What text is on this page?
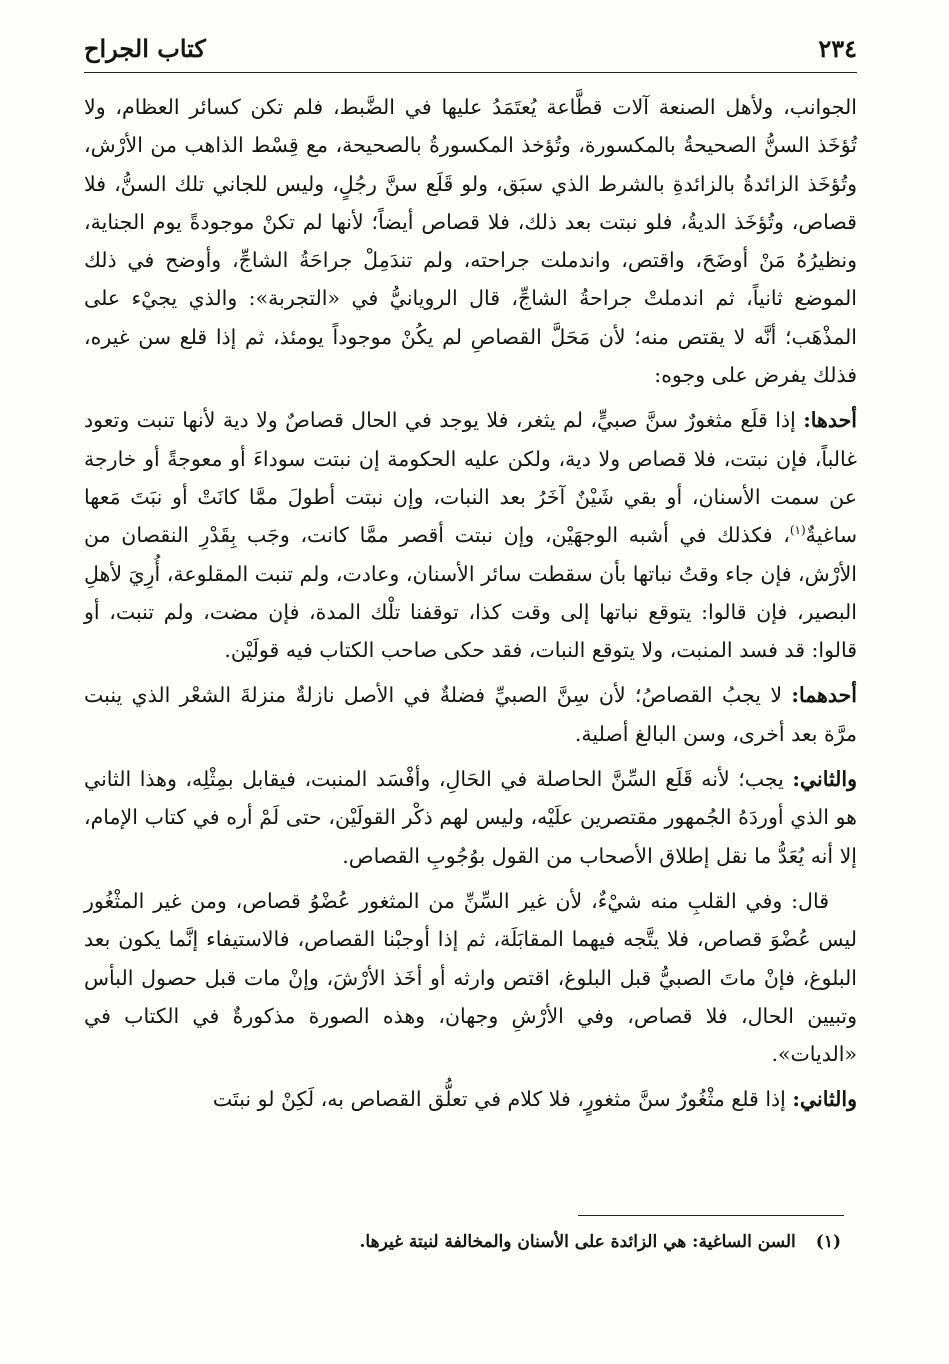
٢٣٤
كتاب الجراح

الجوانب، ولأهل الصنعة آلات قطَّاعة يُعتَمَدُ عليها في الضَّبط، فلم تكن كسائر العظام، ولا تُؤخَذ السنُّ الصحيحةُ بالمكسورة، وتُؤخذ المكسورةُ بالصحيحة، مع قِسْط الذاهب من الأرْش، وتُؤخَذ الزائدةُ بالزائدةِ بالشرط الذي سبَق، ولو قَلَع سنَّ رجُلٍ، وليس للجاني تلك السنُّ، فلا قصاص، وتُؤخَذ الديةُ، فلو نبتت بعد ذلك، فلا قصاص أيضاً؛ لأنها لم تكنْ موجودةً يوم الجناية، ونظيرُهُ مَنْ أوضَحَ، واقتص، واندملت جراحته، ولم تندَمِلْ جراحَةُ الشاجِّ، وأوضح في ذلك الموضع ثانياً، ثم اندملتْ جراحةُ الشاجِّ، قال الرويانيُّ في «التجربة»: والذي يجيْء على المذْهَب؛ أنَّه لا يقتص منه؛ لأن مَحَلَّ القصاصِ لم يكُنْ موجوداً يومئذ، ثم إذا قلع سن غيره، فذلك يفرض على وجوه:

أحدها: إذا قلَع مثغورٌ سنَّ صبيٍّ، لم يثغر، فلا يوجد في الحال قصاصٌ ولا دية لأنها تنبت وتعود غالباً، فإن نبتت، فلا قصاص ولا دية، ولكن عليه الحكومة إن نبتت سوداءَ أو معوجةً أو خارجة عن سمت الأسنان، أو بقي شَيْنٌ آخَرُ بعد النبات، وإن نبتت أطولَ ممَّا كانَتْ أو نبَتَ مَعها ساغيةٌ$^{(١)}$، فكذلك في أشبه الوجهَيْن، وإن نبتت أقصر ممَّا كانت، وجَب بِقَدْرِ النقصان من الأرْش، فإن جاء وقتُ نباتها بأن سقطت سائر الأسنان، وعادت، ولم تنبت المقلوعة، أُرِيَ لأهلِ البصير، فإن قالوا: يتوقع نباتها إلى وقت كذا، توقفنا تلْك المدة، فإن مضت، ولم تنبت، أو قالوا: قد فسد المنبت، ولا يتوقع النبات، فقد حكى صاحب الكتاب فيه قولَيْن.

أحدهما: لا يجبُ القصاصُ؛ لأن سِنَّ الصبيِّ فضلةٌ في الأصل نازلةٌ منزلةَ الشعْر الذي ينبت مرَّة بعد أخرى، وسن البالغ أصلية.

والثاني: يجب؛ لأنه قَلَع السِّنَّ الحاصلة في الحَالِ، وأفْسَد المنبت، فيقابل بمِثْلِه، وهذا الثاني هو الذي أوردَهُ الجُمهور مقتصرين علَيْه، وليس لهم ذكْر القولَيْن، حتى لَمْ أره في كتاب الإمام، إلا أنه يُعَدُّ ما نقل إطلاق الأصحاب من القول بوُجُوبِ القصاص.

قال: وفي القلبِ منه شيْءٌ، لأن غير السِّنِّ من المثغور عُضْوُ قصاص، ومن غير المثْغُور ليس عُضْوَ قصاص، فلا يتَّجه فيهما المقابَلَة، ثم إذا أوجبْنا القصاص، فالاستيفاء إنَّما يكون بعد البلوغ، فإنْ ماتَ الصبيُّ قبل البلوغ، اقتص وارثه أو أخَذ الأرْشَ، وإنْ مات قبل حصول البأس وتبيين الحال، فلا قصاص، وفي الأرْشِ وجهان، وهذه الصورة مذكورةٌ في الكتاب في «الديات».

والثاني: إذا قلع مثْغُورٌ سنَّ مثغورٍ، فلا كلام في تعلُّق القصاص به، لَكِنْ لو نبتَت

(١)السن الساغية: هي الزائدة على الأسنان والمخالفة لنبتة غيرها.
